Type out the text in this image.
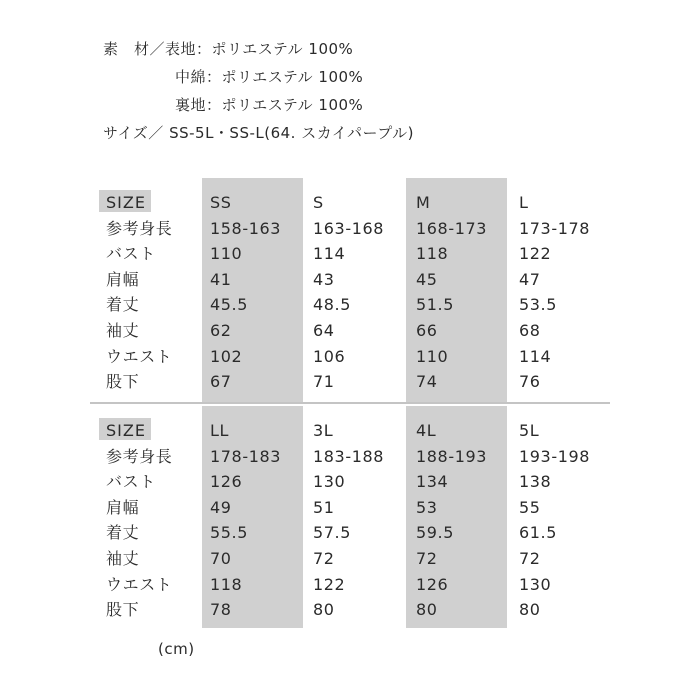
素　材／表地：ポリエステル 100%
中綿：ポリエステル 100%
裏地：ポリエステル 100%
サイズ／ SS-5L・SS-L(64. スカイパープル)
SIZE	SS	S	M	L
参考身長 158-163 163-168 168-173 173-178
バスト	110	114	118	122
肩幅	41	43	45	47
着丈	45.5	48.5	51.5	53.5
袖丈	62	64	66	68
ウエスト 102	106	110	114
股下	67	71	74	76
SIZE	LL	3L	4L	5L
参考身長 178-183 183-188 188-193 193-198
バスト	126	130	134	138
肩幅	49	51	53	55
着丈	55.5	57.5	59.5	61.5
袖丈	70	72	72	72
ウエスト 118	122	126	130
股下	78	80	80	80
(cm)
